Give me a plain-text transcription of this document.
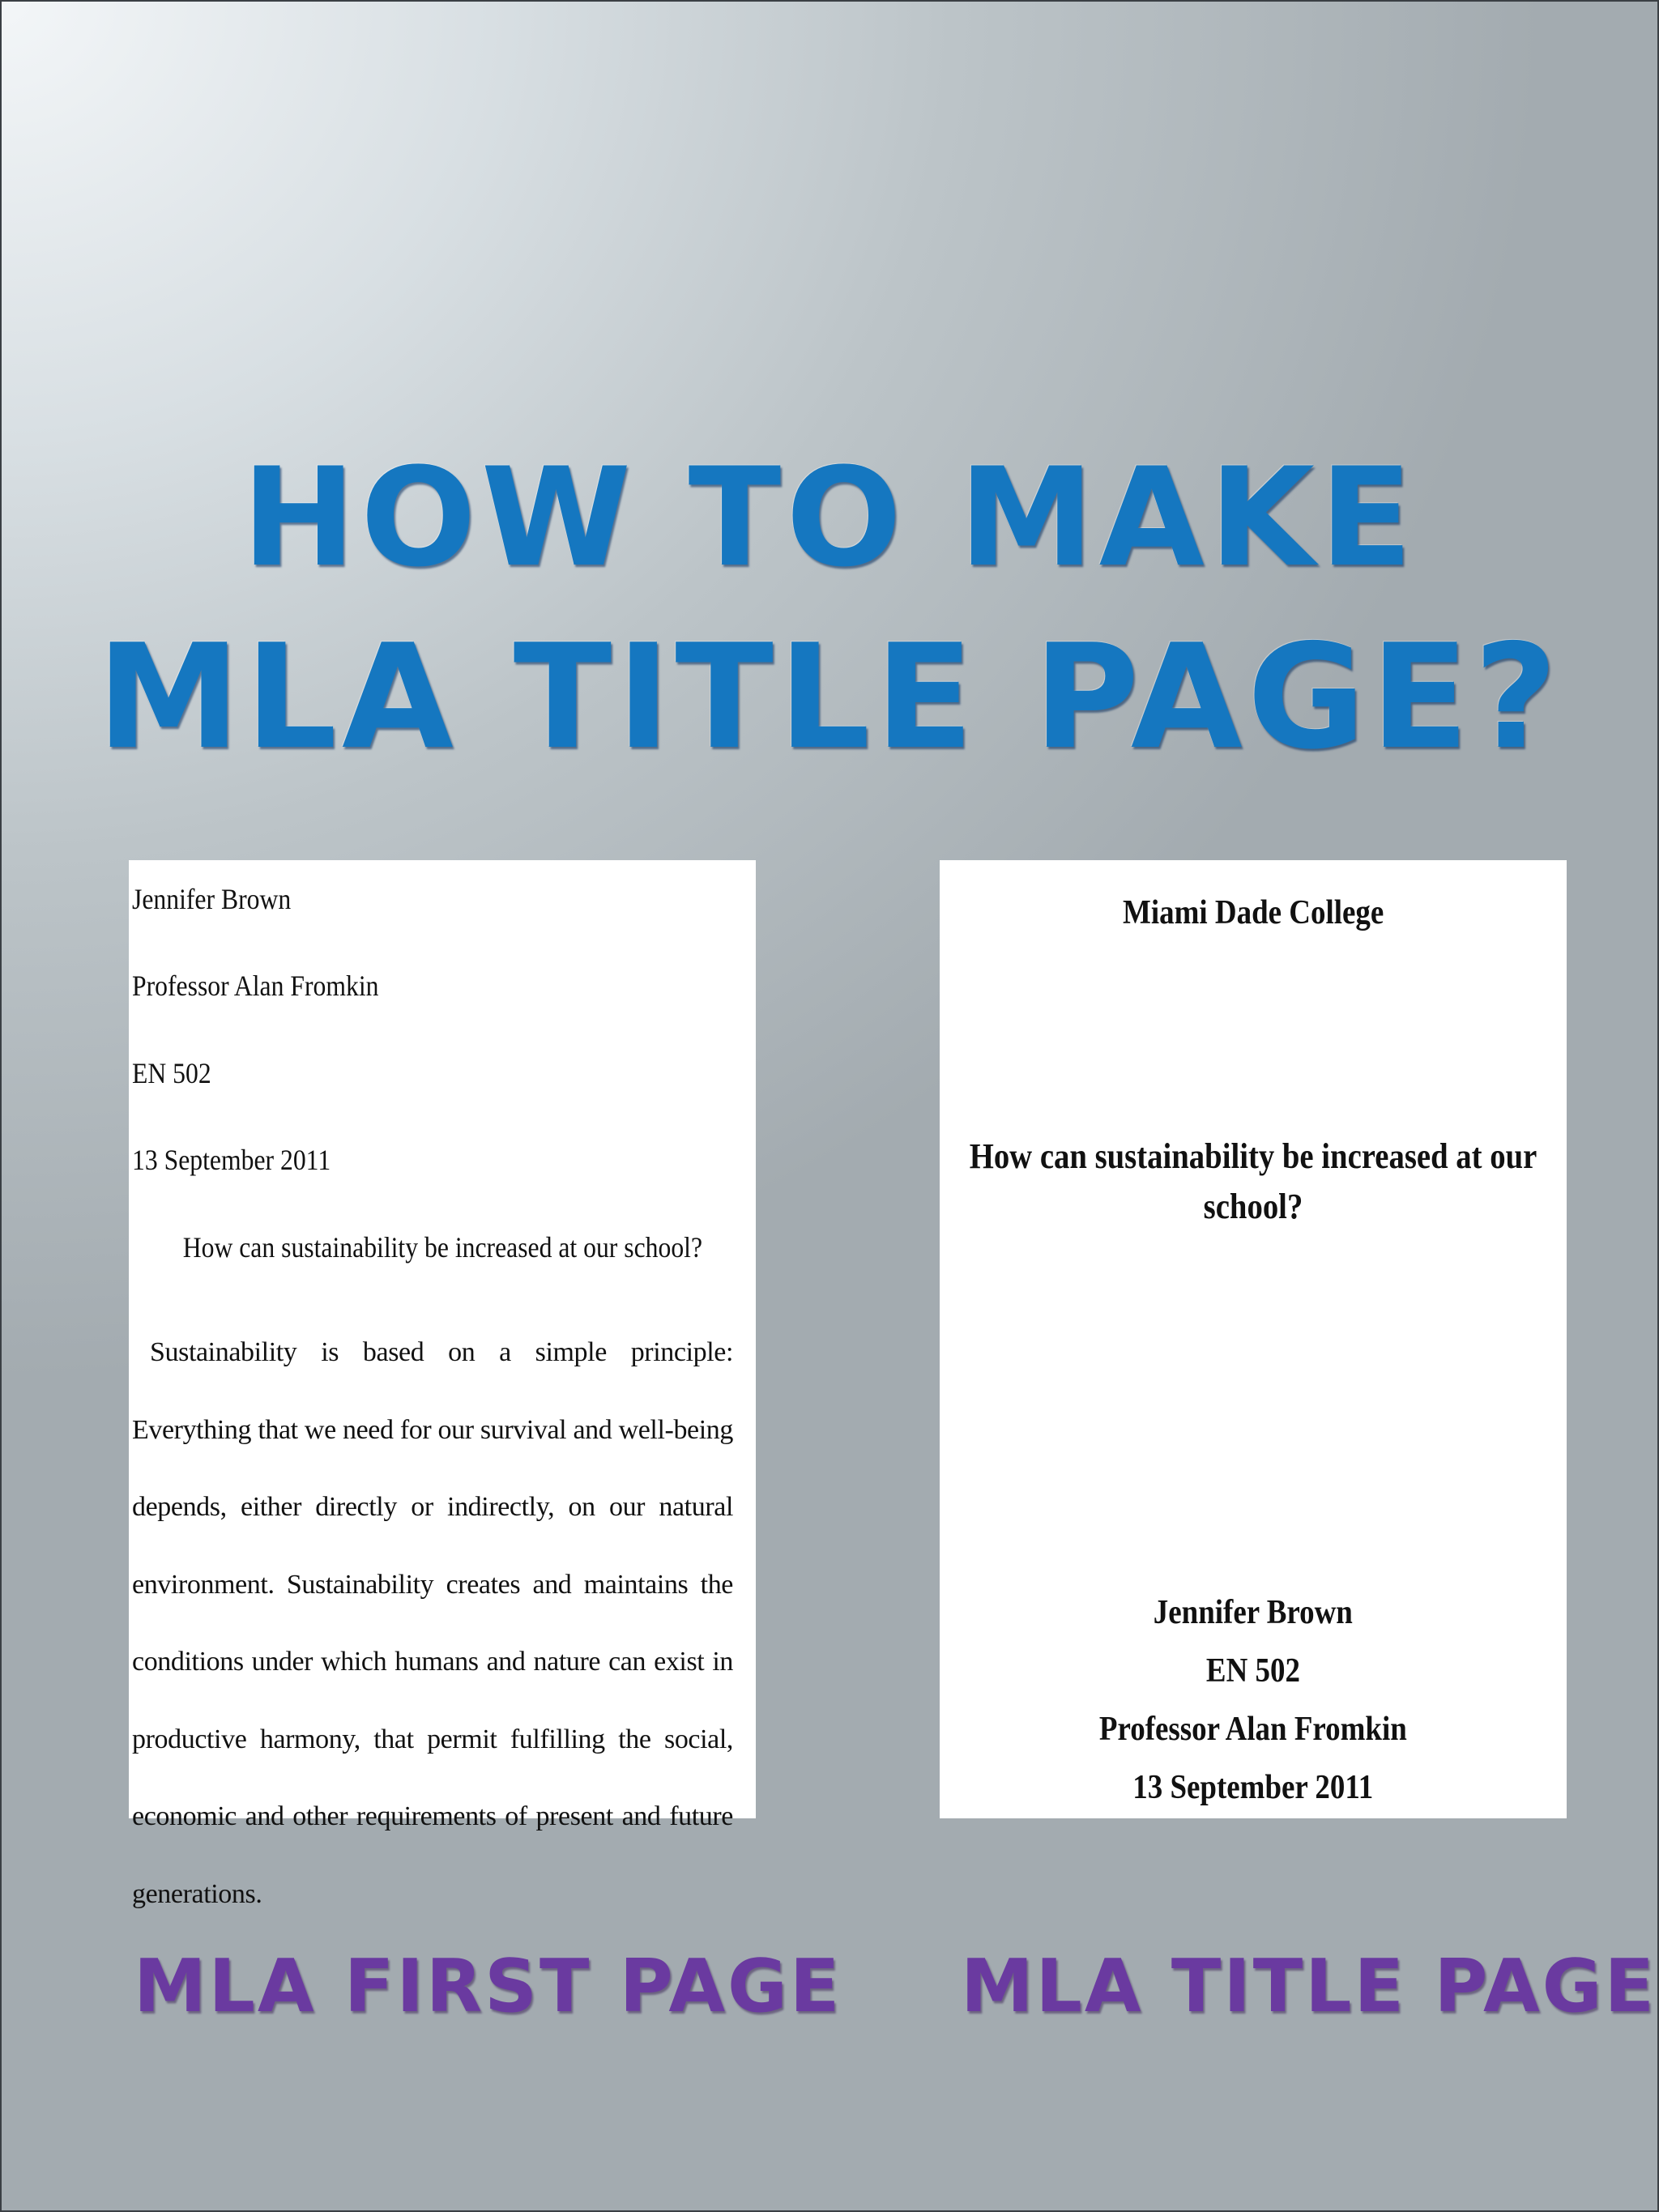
HOW TO MAKE
MLA TITLE PAGE?
Jennifer Brown
Professor Alan Fromkin
EN 502
13 September 2011
How can sustainability be increased at our school?

Sustainability is based on a simple principle: Everything that we need for our survival and well-being depends, either directly or indirectly, on our natural environment. Sustainability creates and maintains the conditions under which humans and nature can exist in productive harmony, that permit fulfilling the social, economic and other requirements of present and future generations.

Miami Dade College

How can sustainability be increased at our school?

Jennifer Brown
EN 502
Professor Alan Fromkin
13 September 2011
MLA FIRST PAGE MLA TITLE PAGE
